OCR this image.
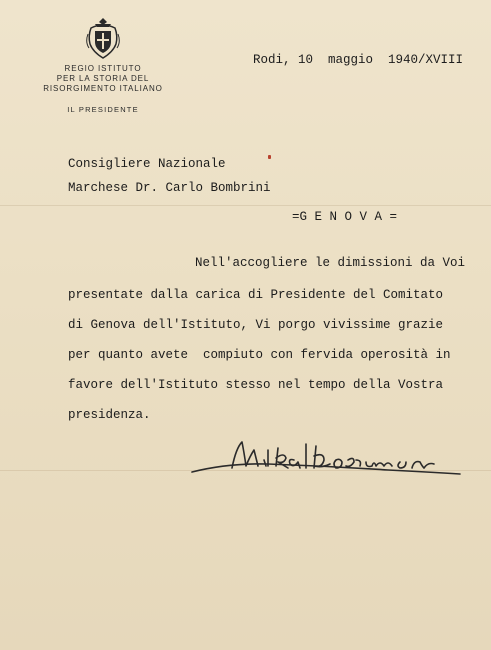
REGIO ISTITUTO
PER LA STORIA DEL
RISORGIMENTO ITALIANO
IL PRESIDENTE
Rodi, 10  maggio  1940/XVIII
Consigliere Nazionale
Marchese Dr. Carlo Bombrini
=G E N O V A =
Nell'accogliere le dimissioni da Voi
presentate dalla carica di Presidente del Comitato
di Genova dell'Istituto, Vi porgo vivissime grazie
per quanto avete  compiuto con fervida operosità in
favore dell'Istituto stesso nel tempo della Vostra
presidenza.
